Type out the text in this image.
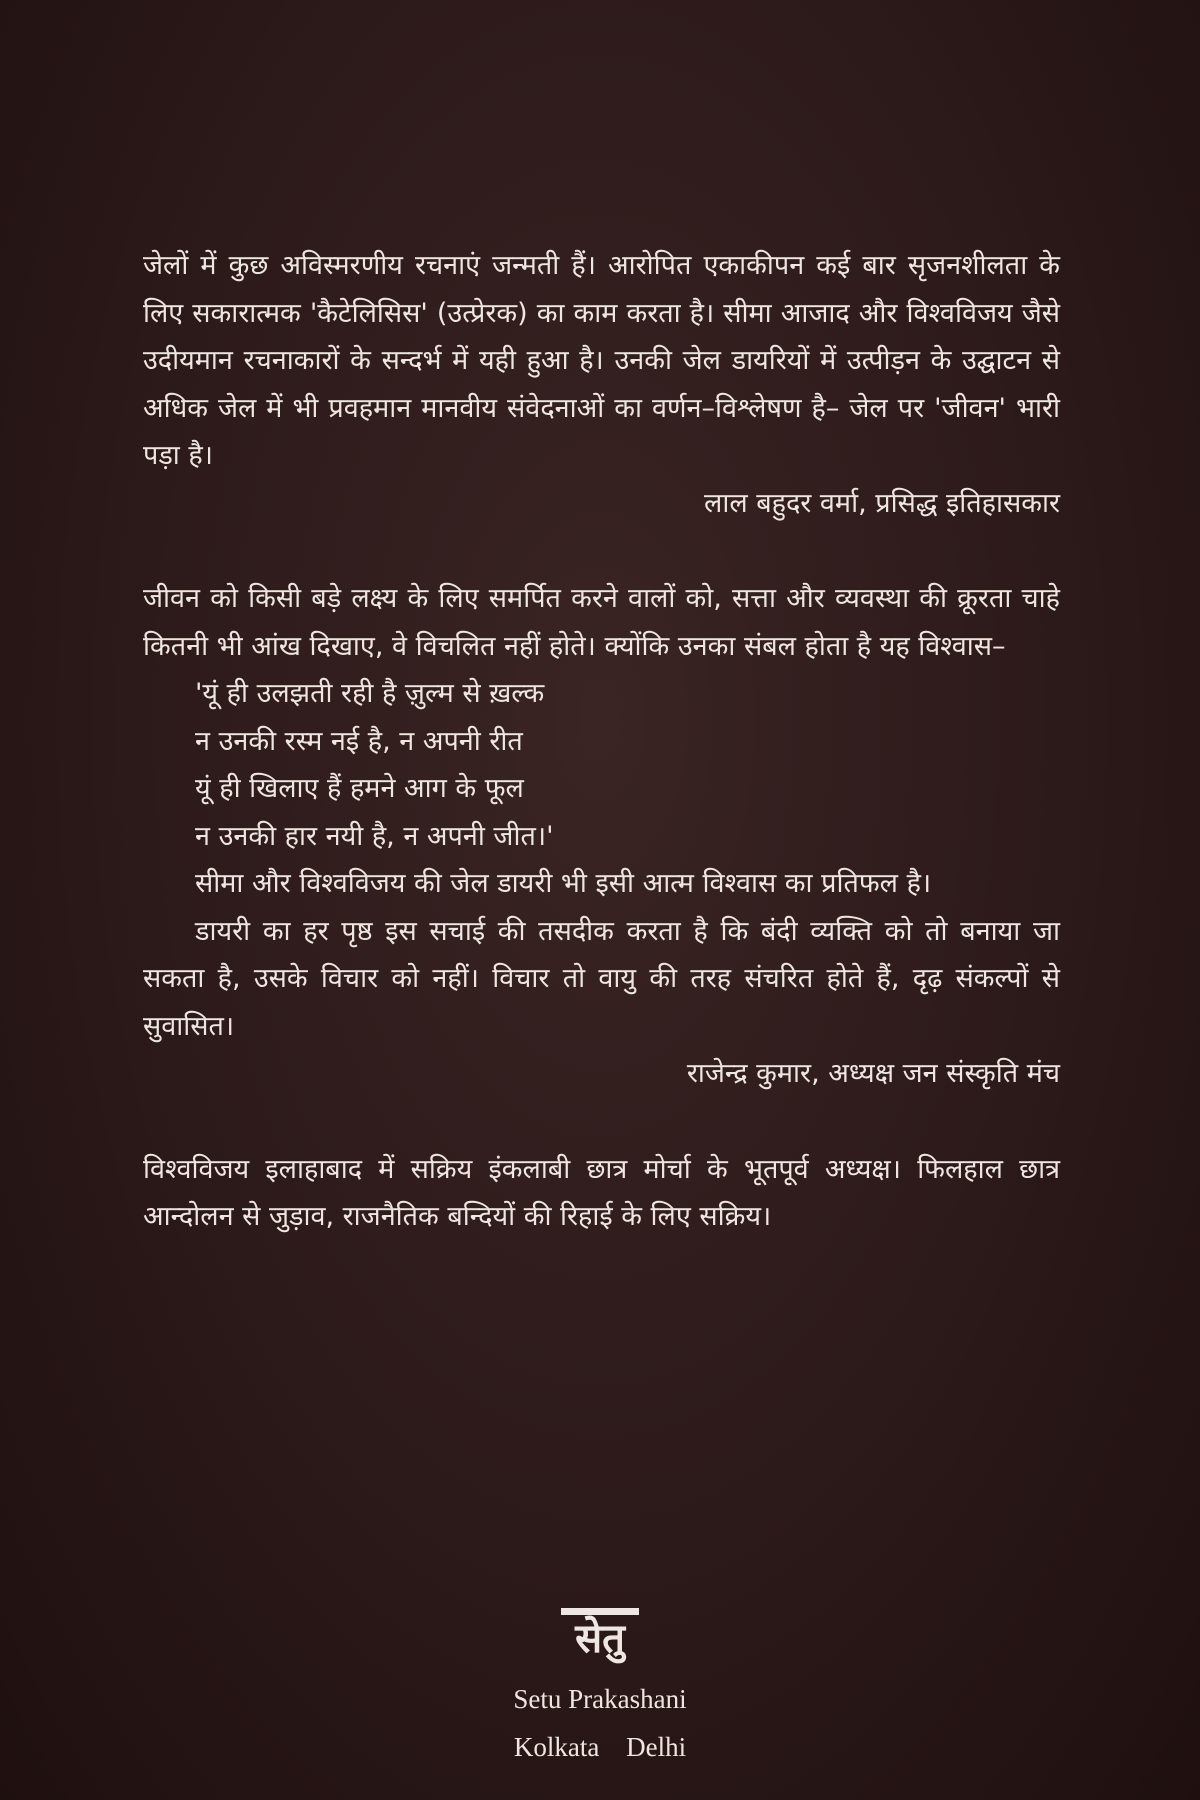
जेलों में कुछ अविस्मरणीय रचनाएं जन्मती हैं। आरोपित एकाकीपन कई बार सृजनशीलता के लिए सकारात्मक 'कैटेलिसिस' (उत्प्रेरक) का काम करता है। सीमा आजाद और विश्वविजय जैसे उदीयमान रचनाकारों के सन्दर्भ में यही हुआ है। उनकी जेल डायरियों में उत्पीड़न के उद्घाटन से अधिक जेल में भी प्रवहमान मानवीय संवेदनाओं का वर्णन–विश्लेषण है– जेल पर 'जीवन' भारी पड़ा है।

लाल बहुदर वर्मा, प्रसिद्ध इतिहासकार

जीवन को किसी बड़े लक्ष्य के लिए समर्पित करने वालों को, सत्ता और व्यवस्था की क्रूरता चाहे कितनी भी आंख दिखाए, वे विचलित नहीं होते। क्योंकि उनका संबल होता है यह विश्वास–

'यूं ही उलझती रही है ज़ुल्म से ख़ल्क
न उनकी रस्म नई है, न अपनी रीत
यूं ही खिलाए हैं हमने आग के फूल
न उनकी हार नयी है, न अपनी जीत।'

सीमा और विश्वविजय की जेल डायरी भी इसी आत्म विश्वास का प्रतिफल है।

डायरी का हर पृष्ठ इस सचाई की तसदीक करता है कि बंदी व्यक्ति को तो बनाया जा सकता है, उसके विचार को नहीं। विचार तो वायु की तरह संचरित होते हैं, दृढ़ संकल्पों से सुवासित।

राजेन्द्र कुमार, अध्यक्ष जन संस्कृति मंच

विश्वविजय इलाहाबाद में सक्रिय इंकलाबी छात्र मोर्चा के भूतपूर्व अध्यक्ष। फिलहाल छात्र आन्दोलन से जुड़ाव, राजनैतिक बन्दियों की रिहाई के लिए सक्रिय।

सेतु
Setu Prakashani
Kolkata Delhi
